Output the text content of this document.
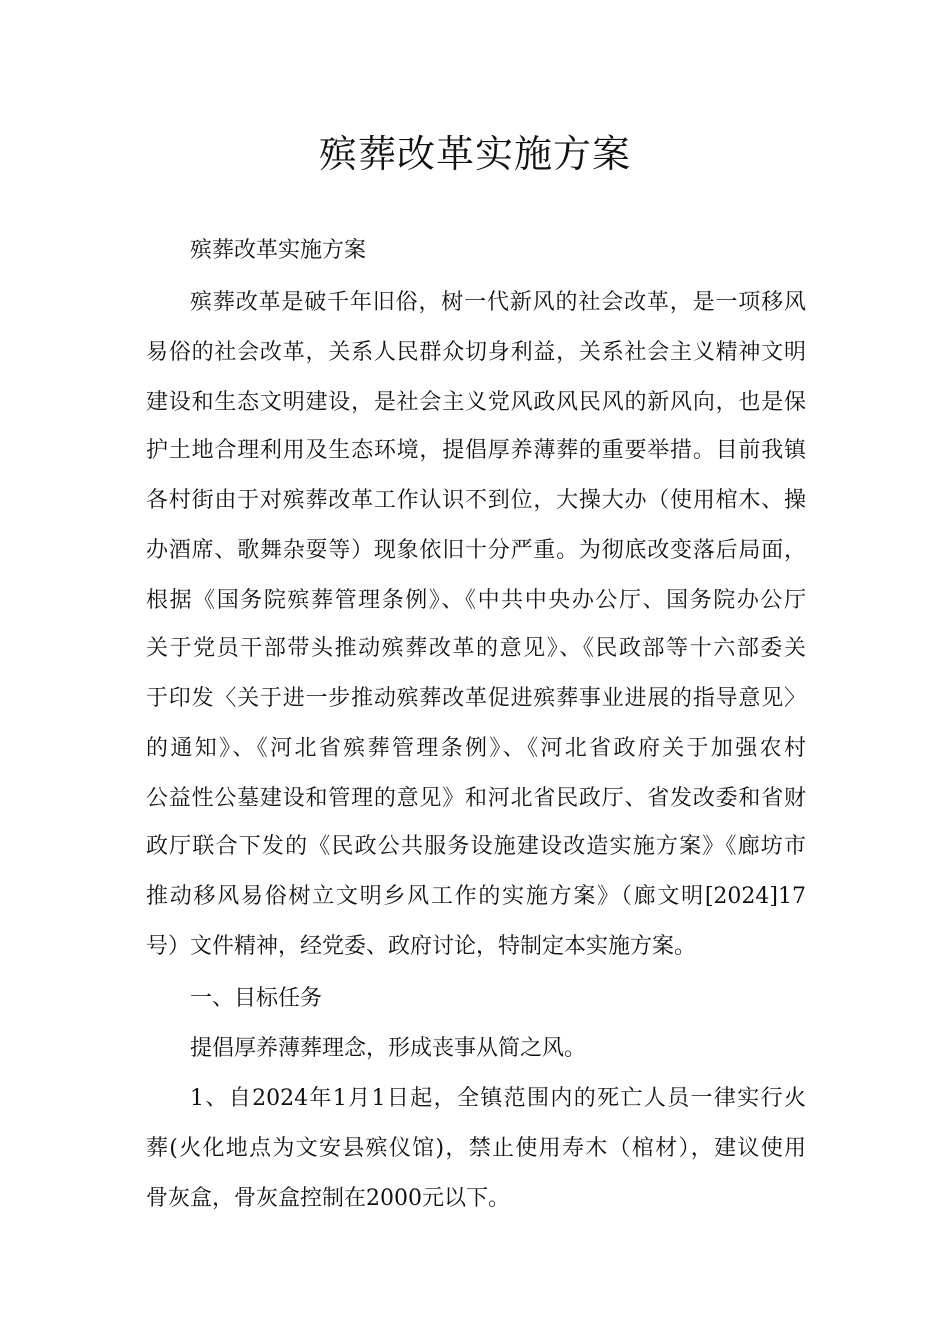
殡葬改革实施方案

殡葬改革实施方案

殡葬改革是破千年旧俗，树一代新风的社会改革，是一项移风

易俗的社会改革，关系人民群众切身利益，关系社会主义精神文明

建设和生态文明建设，是社会主义党风政风民风的新风向，也是保

护土地合理利用及生态环境，提倡厚养薄葬的重要举措。目前我镇

各村街由于对殡葬改革工作认识不到位，大操大办（使用棺木、操

办酒席、歌舞杂耍等）现象依旧十分严重。为彻底改变落后局面，

根据《国务院殡葬管理条例》、《中共中央办公厅、国务院办公厅

关于党员干部带头推动殡葬改革的意见》、《民政部等十六部委关

于印发〈关于进一步推动殡葬改革促进殡葬事业进展的指导意见〉

的通知》、《河北省殡葬管理条例》、《河北省政府关于加强农村

公益性公墓建设和管理的意见》和河北省民政厅、省发改委和省财

政厅联合下发的《民政公共服务设施建设改造实施方案》《廊坊市

推动移风易俗树立文明乡风工作的实施方案》（廊文明[2024]17

号）文件精神，经党委、政府讨论，特制定本实施方案。

一、目标任务

提倡厚养薄葬理念，形成丧事从简之风。

1、自2024年1月1日起，全镇范围内的死亡人员一律实行火

葬(火化地点为文安县殡仪馆)，禁止使用寿木（棺材），建议使用

骨灰盒，骨灰盒控制在2000元以下。
